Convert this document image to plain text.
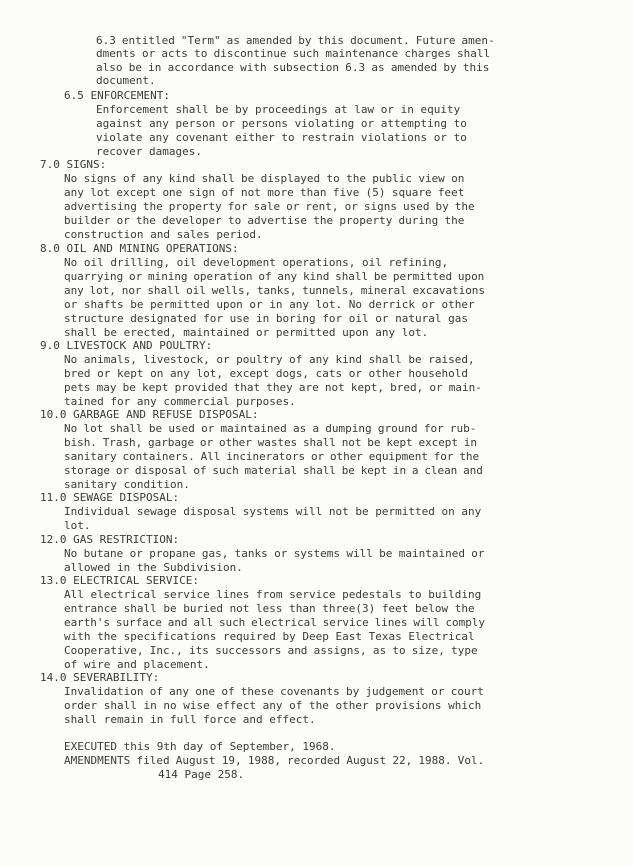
6.3 entitled "Term" as amended by this document. Future amen-

dments or acts to discontinue such maintenance charges shall

also be in accordance with subsection 6.3 as amended by this

document.

6.5 ENFORCEMENT:

Enforcement shall be by proceedings at law or in equity

against any person or persons violating or attempting to

violate any covenant either to restrain violations or to

recover damages.

7.0 SIGNS:

No signs of any kind shall be displayed to the public view on

any lot except one sign of not more than five (5) square feet

advertising the property for sale or rent, or signs used by the

builder or the developer to advertise the property during the

construction and sales period.

8.0 OIL AND MINING OPERATIONS:

No oil drilling, oil development operations, oil refining,

quarrying or mining operation of any kind shall be permitted upon

any lot, nor shall oil wells, tanks, tunnels, mineral excavations

or shafts be permitted upon or in any lot. No derrick or other

structure designated for use in boring for oil or natural gas

shall be erected, maintained or permitted upon any lot.

9.0 LIVESTOCK AND POULTRY:

No animals, livestock, or poultry of any kind shall be raised,

bred or kept on any lot, except dogs, cats or other household

pets may be kept provided that they are not kept, bred, or main-

tained for any commercial purposes.

10.0 GARBAGE AND REFUSE DISPOSAL:

No lot shall be used or maintained as a dumping ground for rub-

bish. Trash, garbage or other wastes shall not be kept except in

sanitary containers. All incinerators or other equipment for the

storage or disposal of such material shall be kept in a clean and

sanitary condition.

11.0 SEWAGE DISPOSAL:

Individual sewage disposal systems will not be permitted on any

lot.

12.0 GAS RESTRICTION:

No butane or propane gas, tanks or systems will be maintained or

allowed in the Subdivision.

13.0 ELECTRICAL SERVICE:

All electrical service lines from service pedestals to building

entrance shall be buried not less than three(3) feet below the

earth's surface and all such electrical service lines will comply

with the specifications required by Deep East Texas Electrical

Cooperative, Inc., its successors and assigns, as to size, type

of wire and placement.

14.0 SEVERABILITY:

Invalidation of any one of these covenants by judgement or court

order shall in no wise effect any of the other provisions which

shall remain in full force and effect.

EXECUTED this 9th day of September, 1968.

AMENDMENTS filed August 19, 1988, recorded August 22, 1988. Vol.

414 Page 258.
